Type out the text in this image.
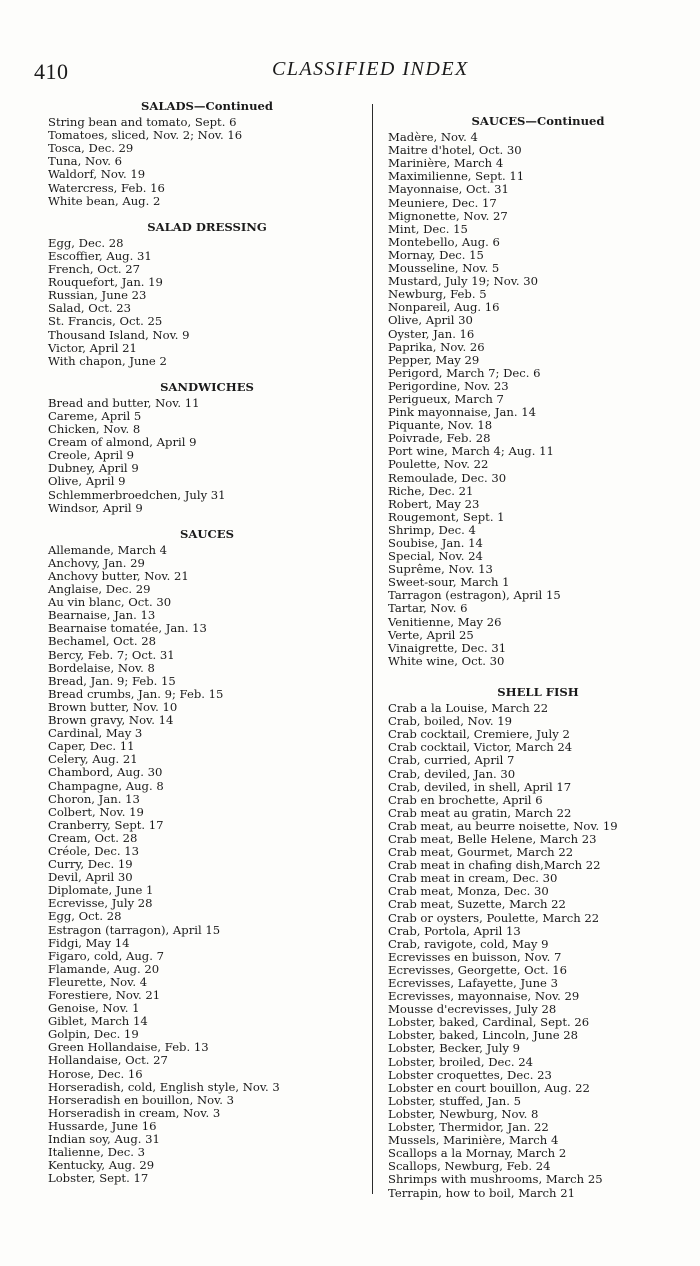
410	CLASSIFIED INDEX
SALADS—Continued
String bean and tomato, Sept. 6
Tomatoes, sliced, Nov. 2; Nov. 16
Tosca, Dec. 29
Tuna, Nov. 6
Waldorf, Nov. 19
Watercress, Feb. 16
White bean, Aug. 2
SALAD DRESSING
Egg, Dec. 28
Escoffier, Aug. 31
French, Oct. 27
Rouquefort, Jan. 19
Russian, June 23
Salad, Oct. 23
St. Francis, Oct. 25
Thousand Island, Nov. 9
Victor, April 21
With chapon, June 2
SANDWICHES
Bread and butter, Nov. 11
Careme, April 5
Chicken, Nov. 8
Cream of almond, April 9
Creole, April 9
Dubney, April 9
Olive, April 9
Schlemmerbroedchen, July 31
Windsor, April 9
SAUCES
Allemande, March 4
Anchovy, Jan. 29
Anchovy butter, Nov. 21
Anglaise, Dec. 29
Au vin blanc, Oct. 30
Bearnaise, Jan. 13
Bearnaise tomatée, Jan. 13
Bechamel, Oct. 28
Bercy, Feb. 7; Oct. 31
Bordelaise, Nov. 8
Bread, Jan. 9; Feb. 15
Bread crumbs, Jan. 9; Feb. 15
Brown butter, Nov. 10
Brown gravy, Nov. 14
Cardinal, May 3
Caper, Dec. 11
Celery, Aug. 21
Chambord, Aug. 30
Champagne, Aug. 8
Choron, Jan. 13
Colbert, Nov. 19
Cranberry, Sept. 17
Cream, Oct. 28
Créole, Dec. 13
Curry, Dec. 19
Devil, April 30
Diplomate, June 1
Ecrevisse, July 28
Egg, Oct. 28
Estragon (tarragon), April 15
Fidgi, May 14
Figaro, cold, Aug. 7
Flamande, Aug. 20
Fleurette, Nov. 4
Forestiere, Nov. 21
Genoise, Nov. 1
Giblet, March 14
Golpin, Dec. 19
Green Hollandaise, Feb. 13
Hollandaise, Oct. 27
Horose, Dec. 16
Horseradish, cold, English style, Nov. 3
Horseradish en bouillon, Nov. 3
Horseradish in cream, Nov. 3
Hussarde, June 16
Indian soy, Aug. 31
Italienne, Dec. 3
Kentucky, Aug. 29
Lobster, Sept. 17
SAUCES—Continued
Madère, Nov. 4
Maitre d'hotel, Oct. 30
Marinière, March 4
Maximilienne, Sept. 11
Mayonnaise, Oct. 31
Meuniere, Dec. 17
Mignonette, Nov. 27
Mint, Dec. 15
Montebello, Aug. 6
Mornay, Dec. 15
Mousseline, Nov. 5
Mustard, July 19; Nov. 30
Newburg, Feb. 5
Nonpareil, Aug. 16
Olive, April 30
Oyster, Jan. 16
Paprika, Nov. 26
Pepper, May 29
Perigord, March 7; Dec. 6
Perigordine, Nov. 23
Perigueux, March 7
Pink mayonnaise, Jan. 14
Piquante, Nov. 18
Poivrade, Feb. 28
Port wine, March 4; Aug. 11
Poulette, Nov. 22
Remoulade, Dec. 30
Riche, Dec. 21
Robert, May 23
Rougemont, Sept. 1
Shrimp, Dec. 4
Soubise, Jan. 14
Special, Nov. 24
Suprême, Nov. 13
Sweet-sour, March 1
Tarragon (estragon), April 15
Tartar, Nov. 6
Venitienne, May 26
Verte, April 25
Vinaigrette, Dec. 31
White wine, Oct. 30
SHELL FISH
Crab a la Louise, March 22
Crab, boiled, Nov. 19
Crab cocktail, Cremiere, July 2
Crab cocktail, Victor, March 24
Crab, curried, April 7
Crab, deviled, Jan. 30
Crab, deviled, in shell, April 17
Crab en brochette, April 6
Crab meat au gratin, March 22
Crab meat, au beurre noisette, Nov. 19
Crab meat, Belle Helene, March 23
Crab meat, Gourmet, March 22
Crab meat in chafing dish,March 22
Crab meat in cream, Dec. 30
Crab meat, Monza, Dec. 30
Crab meat, Suzette, March 22
Crab or oysters, Poulette, March 22
Crab, Portola, April 13
Crab, ravigote, cold, May 9
Ecrevisses en buisson, Nov. 7
Ecrevisses, Georgette, Oct. 16
Ecrevisses, Lafayette, June 3
Ecrevisses, mayonnaise, Nov. 29
Mousse d'ecrevisses, July 28
Lobster, baked, Cardinal, Sept. 26
Lobster, baked, Lincoln, June 28
Lobster, Becker, July 9
Lobster, broiled, Dec. 24
Lobster croquettes, Dec. 23
Lobster en court bouillon, Aug. 22
Lobster, stuffed, Jan. 5
Lobster, Newburg, Nov. 8
Lobster, Thermidor, Jan. 22
Mussels, Marinière, March 4
Scallops a la Mornay, March 2
Scallops, Newburg, Feb. 24
Shrimps with mushrooms, March 25
Terrapin, how to boil, March 21
